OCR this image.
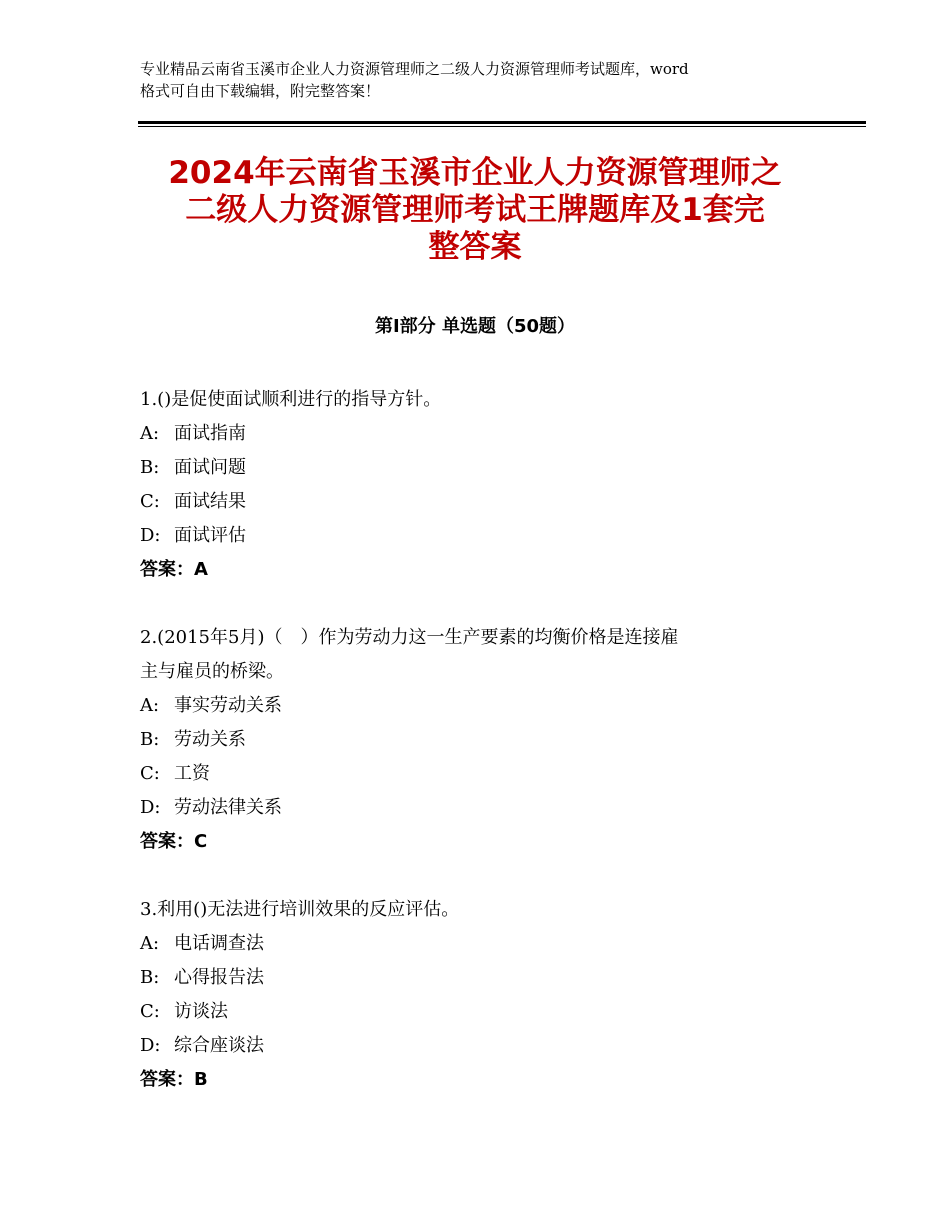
专业精品云南省玉溪市企业人力资源管理师之二级人力资源管理师考试题库，word
格式可自由下载编辑，附完整答案！
2024年云南省玉溪市企业人力资源管理师之
二级人力资源管理师考试王牌题库及1套完
整答案
第Ⅰ部分 单选题（50题）

1.()是促使面试顺利进行的指导方针。

A: 面试指南

B: 面试问题

C: 面试结果

D: 面试评估

答案：A

2.(2015年5月)（　）作为劳动力这一生产要素的均衡价格是连接雇
主与雇员的桥梁。

A: 事实劳动关系

B: 劳动关系

C: 工资

D: 劳动法律关系

答案：C

3.利用()无法进行培训效果的反应评估。

A: 电话调查法

B: 心得报告法

C: 访谈法

D: 综合座谈法

答案：B
